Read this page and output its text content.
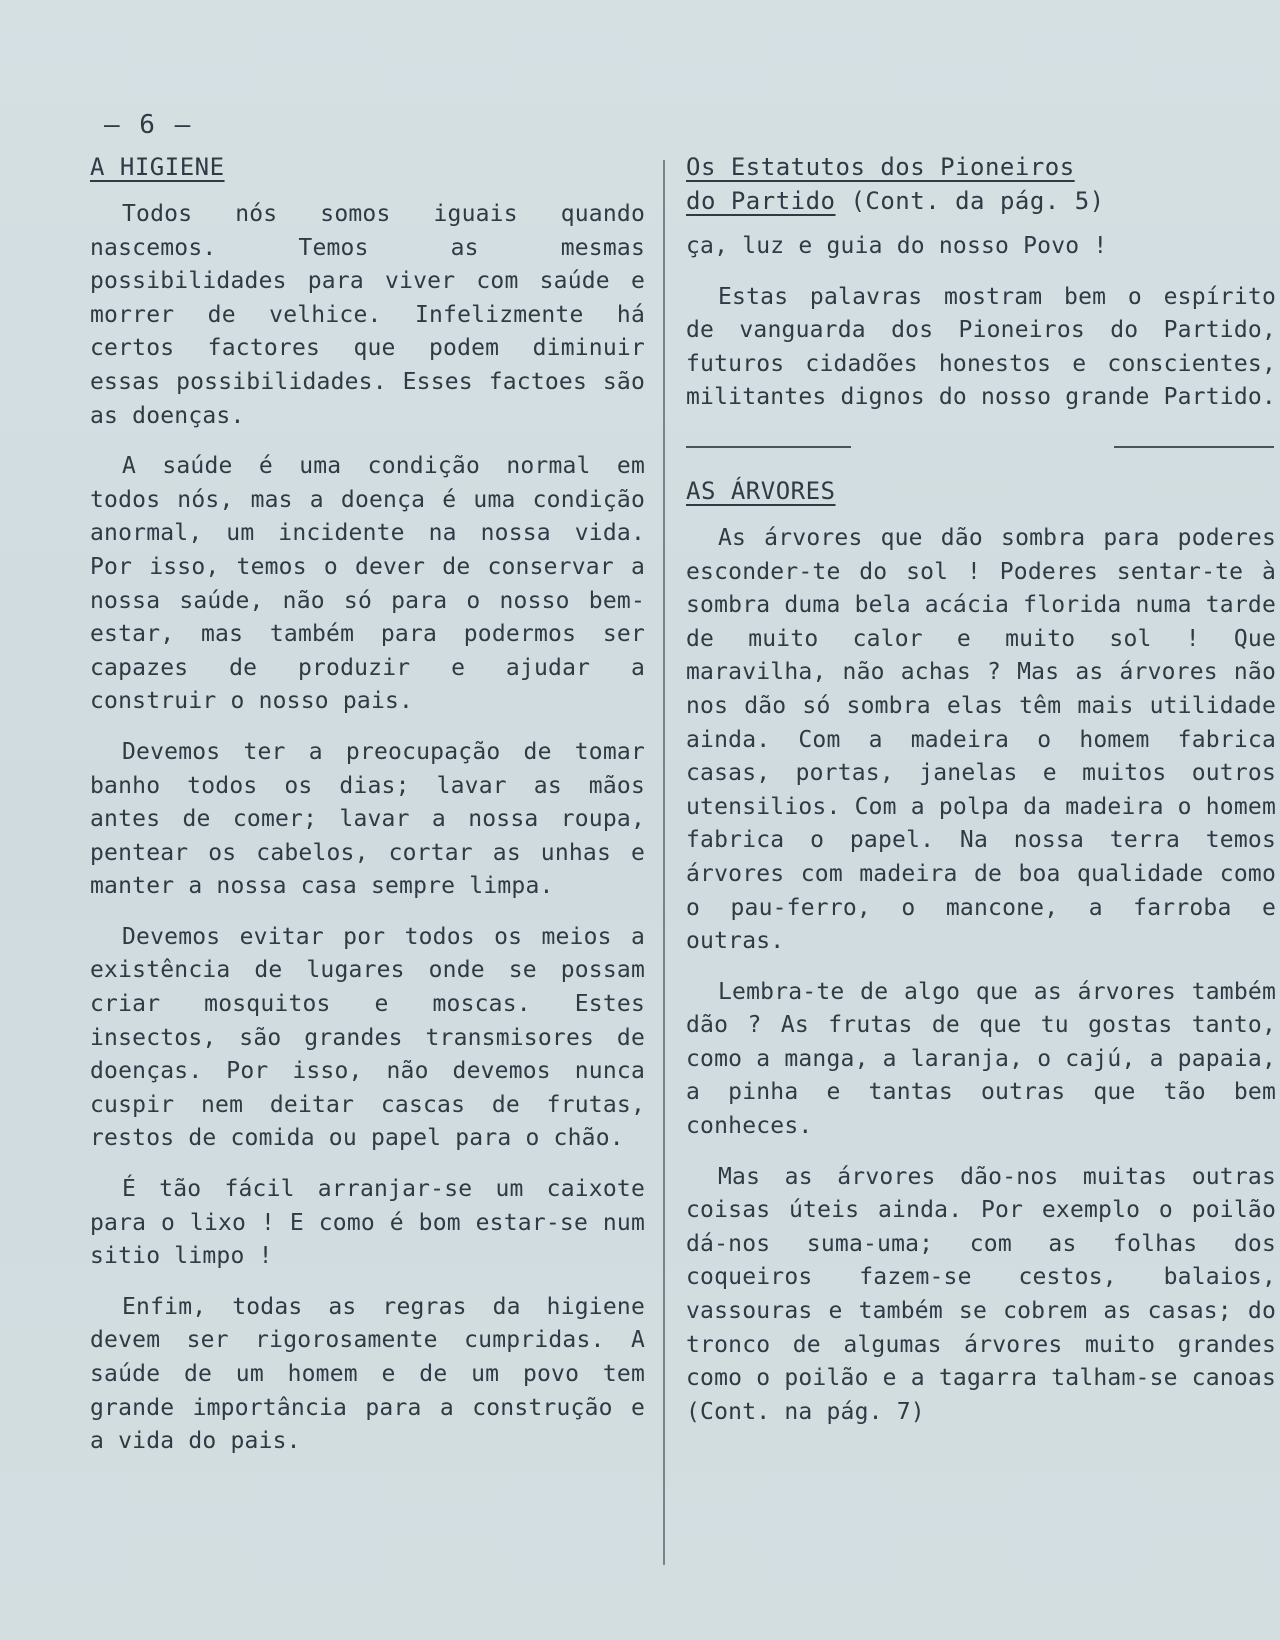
– 6 –
A HIGIENE

Todos nós somos iguais quando nascemos. Temos as mesmas possibilidades para viver com saúde e morrer de velhice. Infelizmente há certos factores que podem diminuir essas possibilidades. Esses factoes são as doenças.

A saúde é uma condição normal em todos nós, mas a doença é uma condição anormal, um incidente na nossa vida. Por isso, temos o dever de conservar a nossa saúde, não só para o nosso bem-estar, mas também para podermos ser capazes de produzir e ajudar a construir o nosso pais.

Devemos ter a preocupação de tomar banho todos os dias; lavar as mãos antes de comer; lavar a nossa roupa, pentear os cabelos, cortar as unhas e manter a nossa casa sempre limpa.

Devemos evitar por todos os meios a existência de lugares onde se possam criar mosquitos e moscas. Estes insectos, são grandes transmisores de doenças. Por isso, não devemos nunca cuspir nem deitar cascas de frutas, restos de comida ou papel para o chão.

É tão fácil arranjar-se um caixote para o lixo ! E como é bom estar-se num sitio limpo !

Enfim, todas as regras da higiene devem ser rigorosamente cumpridas. A saúde de um homem e de um povo tem grande importância para a construção e a vida do pais.

Os Estatutos dos Pioneiros
do Partido (Cont. da pág. 5)

ça, luz e guia do nosso Povo !

Estas palavras mostram bem o espírito de vanguarda dos Pioneiros do Partido, futuros cidadões honestos e conscientes, militantes dignos do nosso grande Partido.

AS ÁRVORES

As árvores que dão sombra para poderes esconder-te do sol ! Poderes sentar-te à sombra duma bela acácia florida numa tarde de muito calor e muito sol ! Que maravilha, não achas ? Mas as árvores não nos dão só sombra elas têm mais utilidade ainda. Com a madeira o homem fabrica casas, portas, janelas e muitos outros utensilios. Com a polpa da madeira o homem fabrica o papel. Na nossa terra temos árvores com madeira de boa qualidade como o pau-ferro, o mancone, a farroba e outras.

Lembra-te de algo que as árvores também dão ? As frutas de que tu gostas tanto, como a manga, a laranja, o cajú, a papaia, a pinha e tantas outras que tão bem conheces.

Mas as árvores dão-nos muitas outras coisas úteis ainda. Por exemplo o poilão dá-nos suma-uma; com as folhas dos coqueiros fazem-se cestos, balaios, vassouras e também se cobrem as casas; do tronco de algumas árvores muito grandes como o poilão e a tagarra talham-se canoas (Cont. na pág. 7)
